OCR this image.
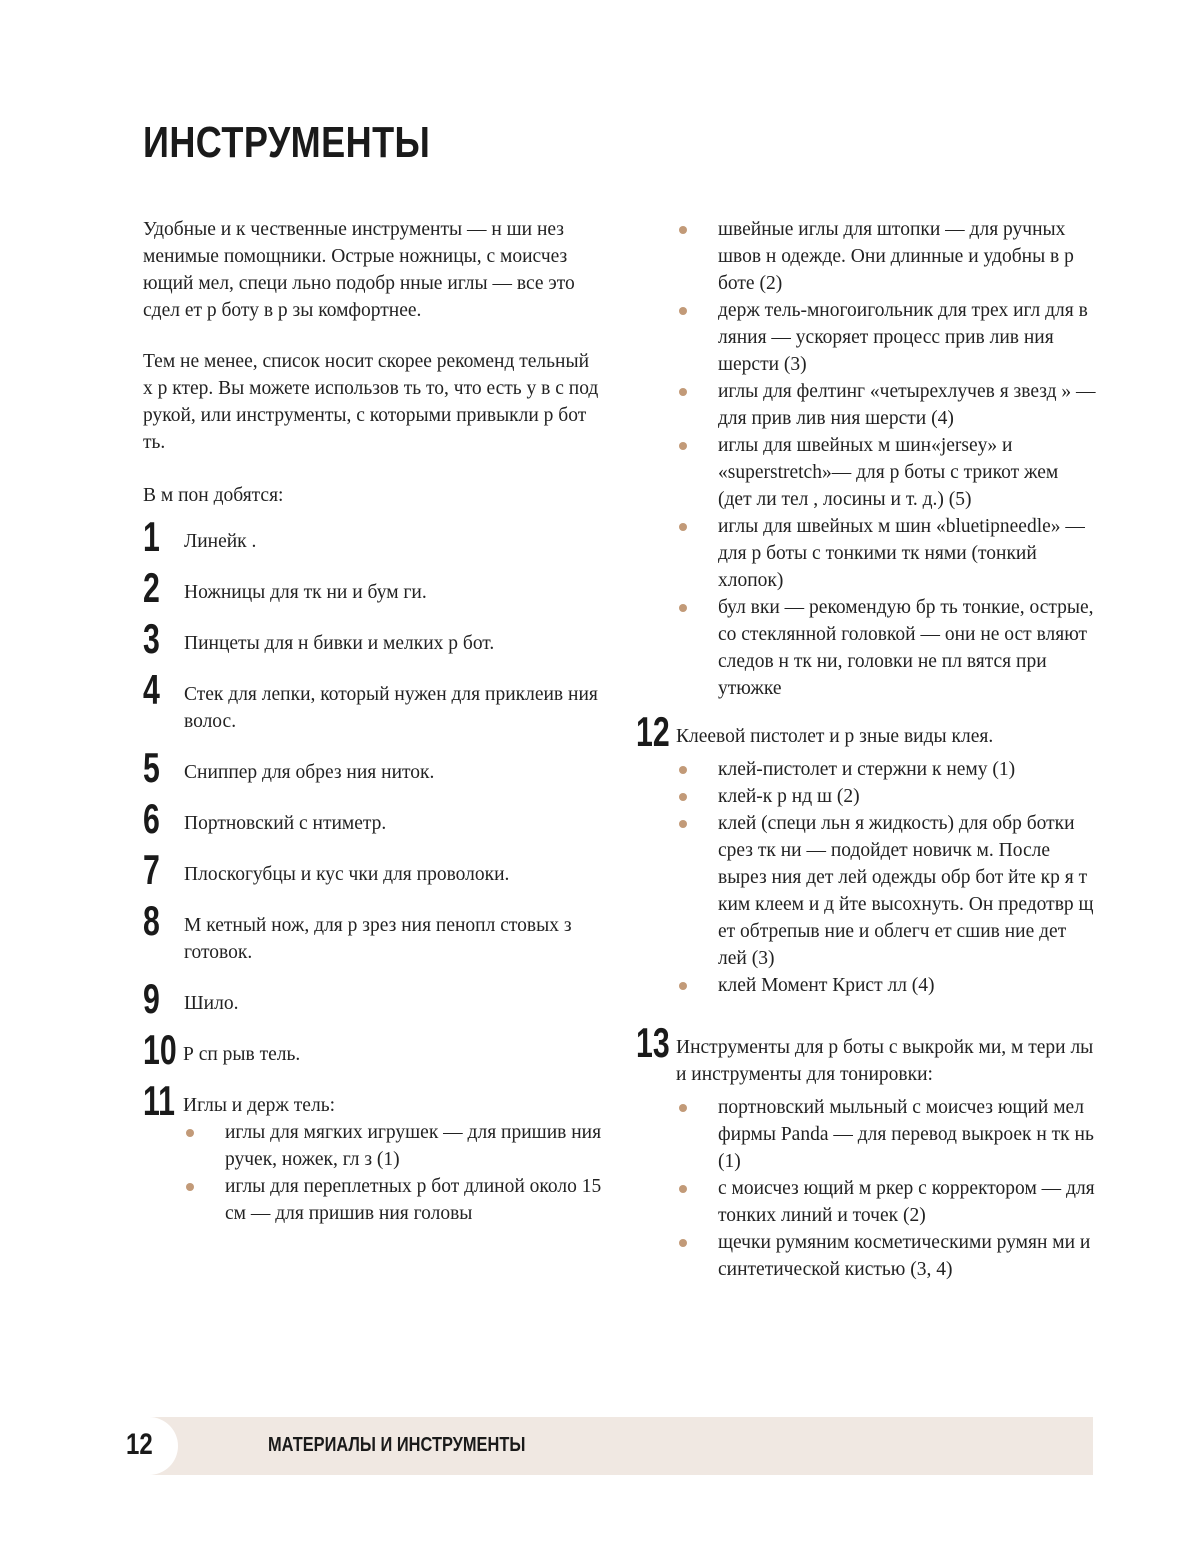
ИНСТРУМЕНТЫ

Удобные и к чественные инструменты — н ши нез менимые помощники. Острые ножницы, с моисчез ющий мел, специ льно подобр нные иглы — все это сдел ет р боту в р зы комфортнее.

Тем не менее, список носит скорее рекоменд тельный х р ктер. Вы можете использов ть то, что есть у в с под рукой, или инструменты, с которыми привыкли р бот ть.

В м пон добятся:

1 Линейк .
2 Ножницы для тк ни и бум ги.
3 Пинцеты для н бивки и мелких р бот.
4 Стек для лепки, который нужен для приклеив ния волос.
5 Сниппер для обрез ния ниток.
6 Портновский с нтиметр.
7 Плоскогубцы и кус чки для проволоки.
8 М кетный нож, для р зрез ния пенопл стовых з готовок.
9 Шило.
10 Р сп рыв тель.
11 Иглы и держ тель:
иглы для мягких игрушек — для пришив ния ручек, ножек, гл з (1)
иглы для переплетных р бот длиной около 15 см — для пришив ния головы
швейные иглы для штопки — для ручных швов н одежде. Они длинные и удобны в р боте (2)
держ тель-многоигольник для трех игл для в ляния — ускоряет процесс прив лив ния шерсти (3)
иглы для фелтинг «четырехлучев я звезд » — для прив лив ния шерсти (4)
иглы для швейных м шин«jersey» и «superstretch»— для р боты с трикот жем (дет ли тел , лосины и т. д.) (5)
иглы для швейных м шин «bluetipneedle» — для р боты с тонкими тк нями (тонкий хлопок)
бул вки — рекомендую бр ть тонкие, острые, со стеклянной головкой — они не ост вляют следов н тк ни, головки не пл вятся при утюжке
12 Клеевой пистолет и р зные виды клея.
клей-пистолет и стержни к нему (1)
клей-к р нд ш (2)
клей (специ льн я жидкость) для обр ботки срез тк ни — подойдет новичк м. После вырез ния дет лей одежды обр бот йте кр я т ким клеем и д йте высохнуть. Он предотвр щ ет обтрепыв ние и облегч ет сшив ние дет лей (3)
клей Момент Крист лл (4)
13 Инструменты для р боты с выкройк ми, м тери лы и инструменты для тонировки:
портновский мыльный с моисчез ющий мел фирмы Panda — для перевод выкроек н тк нь (1)
с моисчез ющий м ркер с корректором — для тонких линий и точек (2)
щечки румяним косметическими румян ми и синтетической кистью (3, 4)
12	МАТЕРИАЛЫ И ИНСТРУМЕНТЫ
